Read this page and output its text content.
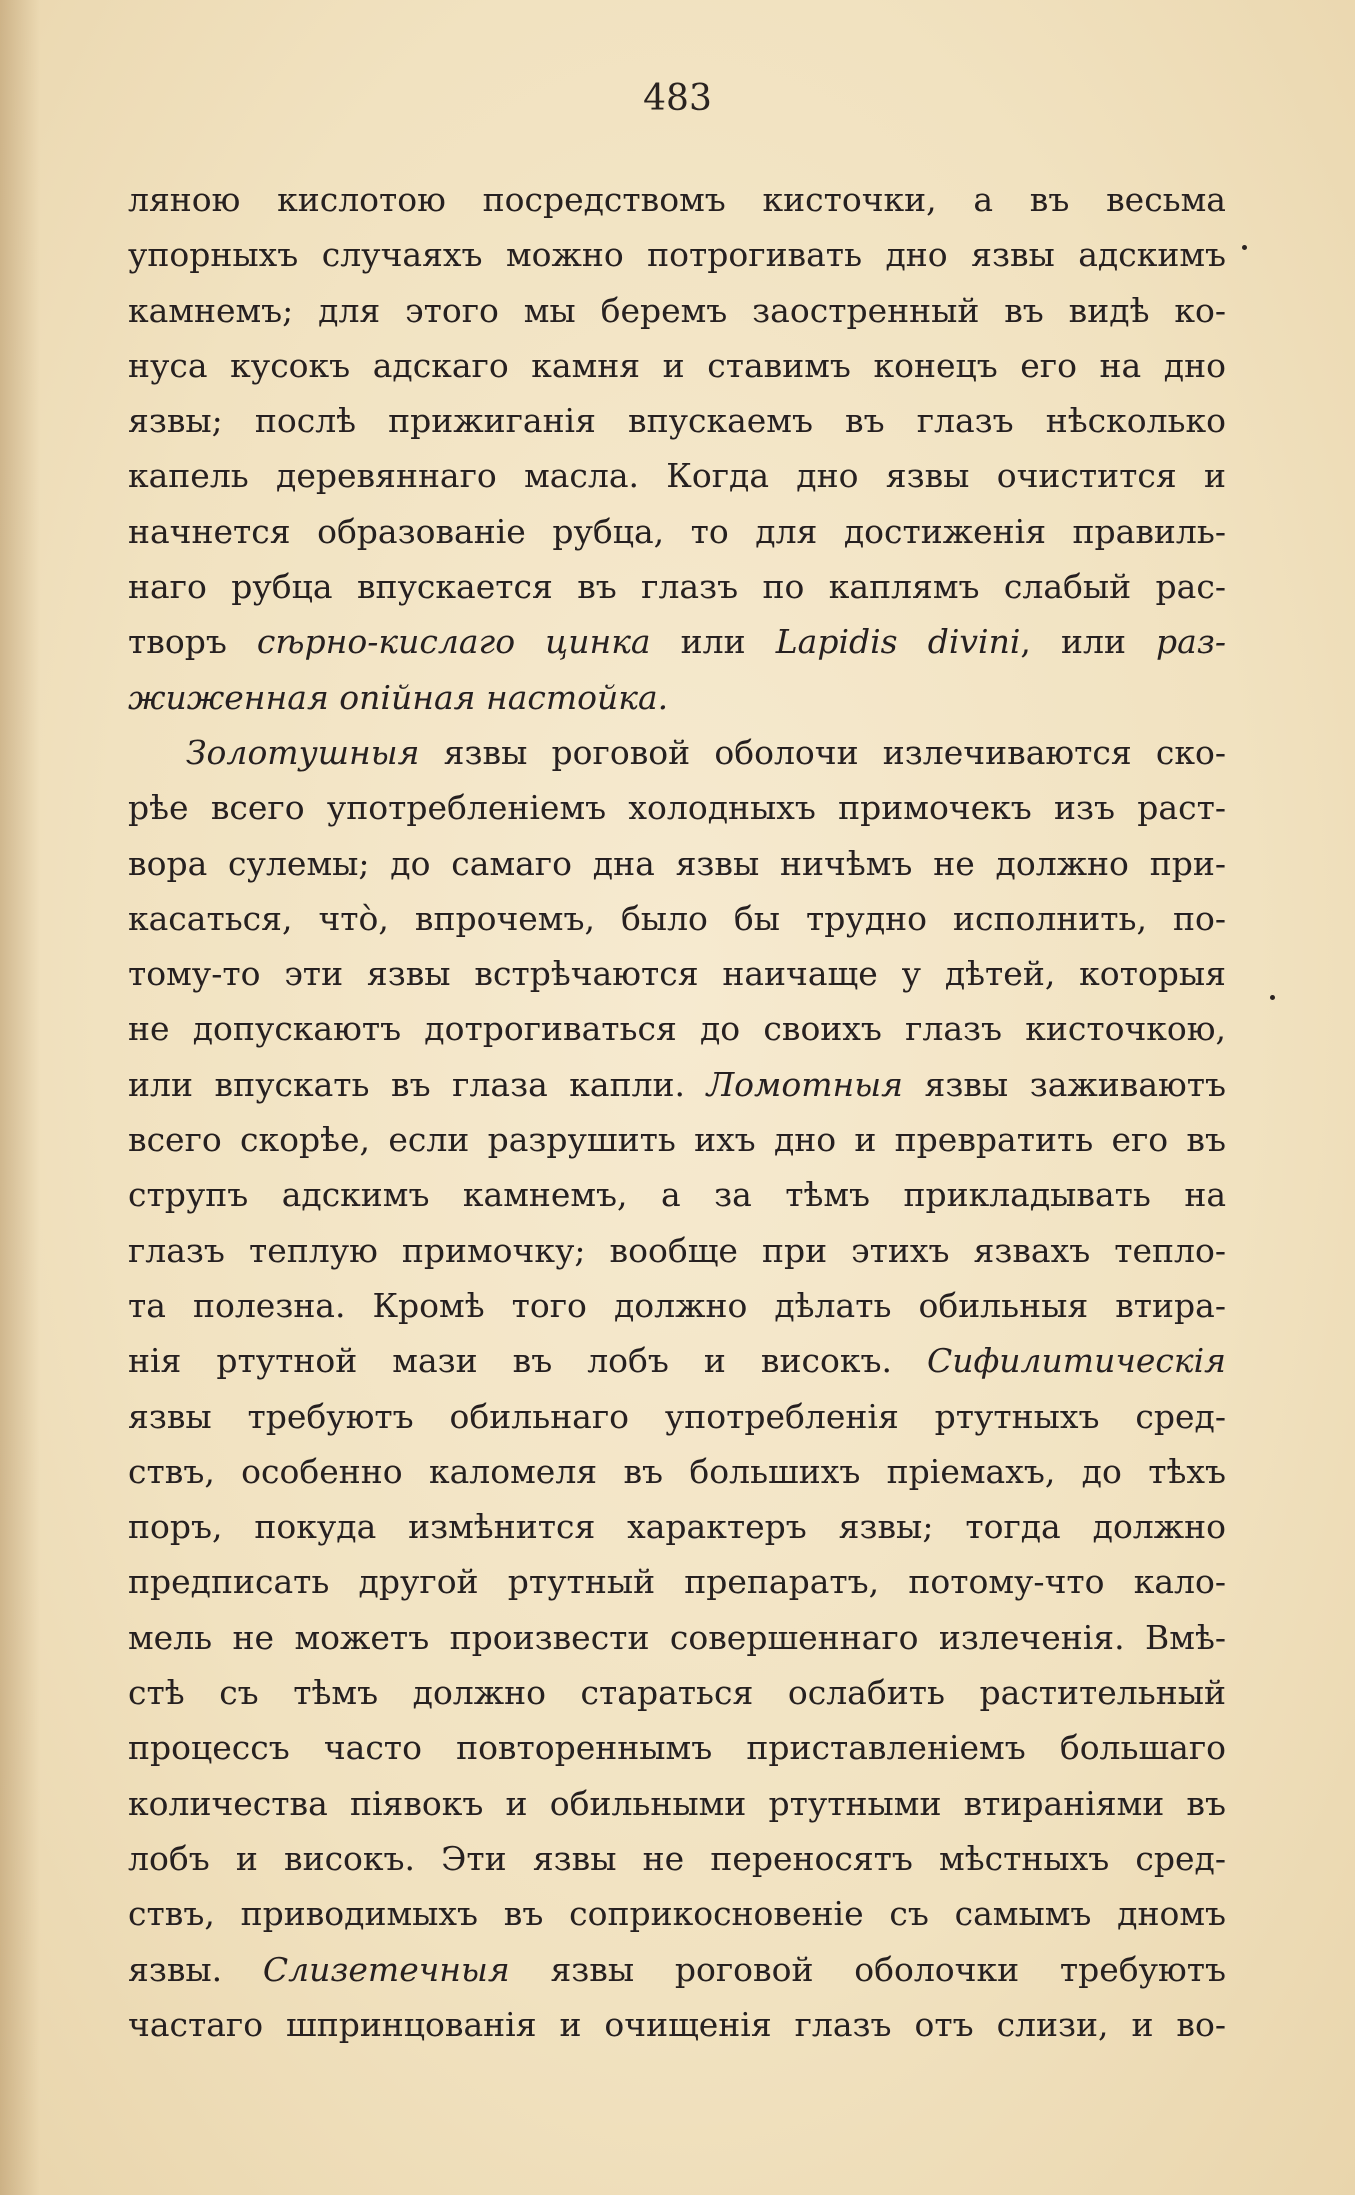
483
ляною кислотою посредствомъ кисточки, а въ весьма
упорныхъ случаяхъ можно потрогивать дно язвы адскимъ
камнемъ; для этого мы беремъ заостренный въ видѣ ко-
нуса кусокъ адскаго камня и ставимъ конецъ его на дно
язвы; послѣ прижиганія впускаемъ въ глазъ нѣсколько
капель деревяннаго масла. Когда дно язвы очистится и
начнется образованіе рубца, то для достиженія правиль-
наго рубца впускается въ глазъ по каплямъ слабый рас-
творъ сѣрно-кислаго цинка или Lapidis divini, или раз-
жиженная опійная настойка.
Золотушныя язвы роговой оболочи излечиваются ско-
рѣе всего употребленіемъ холодныхъ примочекъ изъ раст-
вора сулемы; до самаго дна язвы ничѣмъ не должно при-
касаться, чтò, впрочемъ, было бы трудно исполнить, по-
тому-то эти язвы встрѣчаются наичаще у дѣтей, которыя
не допускаютъ дотрогиваться до своихъ глазъ кисточкою,
или впускать въ глаза капли. Ломотныя язвы заживаютъ
всего скорѣе, если разрушить ихъ дно и превратить его въ
струпъ адскимъ камнемъ, а за тѣмъ прикладывать на
глазъ теплую примочку; вообще при этихъ язвахъ тепло-
та полезна. Кромѣ того должно дѣлать обильныя втира-
нія ртутной мази въ лобъ и високъ. Сифилитическія
язвы требуютъ обильнаго употребленія ртутныхъ сред-
ствъ, особенно каломеля въ большихъ пріемахъ, до тѣхъ
поръ, покуда измѣнится характеръ язвы; тогда должно
предписать другой ртутный препаратъ, потому-что кало-
мель не можетъ произвести совершеннаго излеченія. Вмѣ-
стѣ съ тѣмъ должно стараться ослабить растительный
процессъ часто повтореннымъ приставленіемъ большаго
количества піявокъ и обильными ртутными втираніями въ
лобъ и високъ. Эти язвы не переносятъ мѣстныхъ сред-
ствъ, приводимыхъ въ соприкосновеніе съ самымъ дномъ
язвы. Слизетечныя язвы роговой оболочки требуютъ
частаго шпринцованія и очищенія глазъ отъ слизи, и во-
